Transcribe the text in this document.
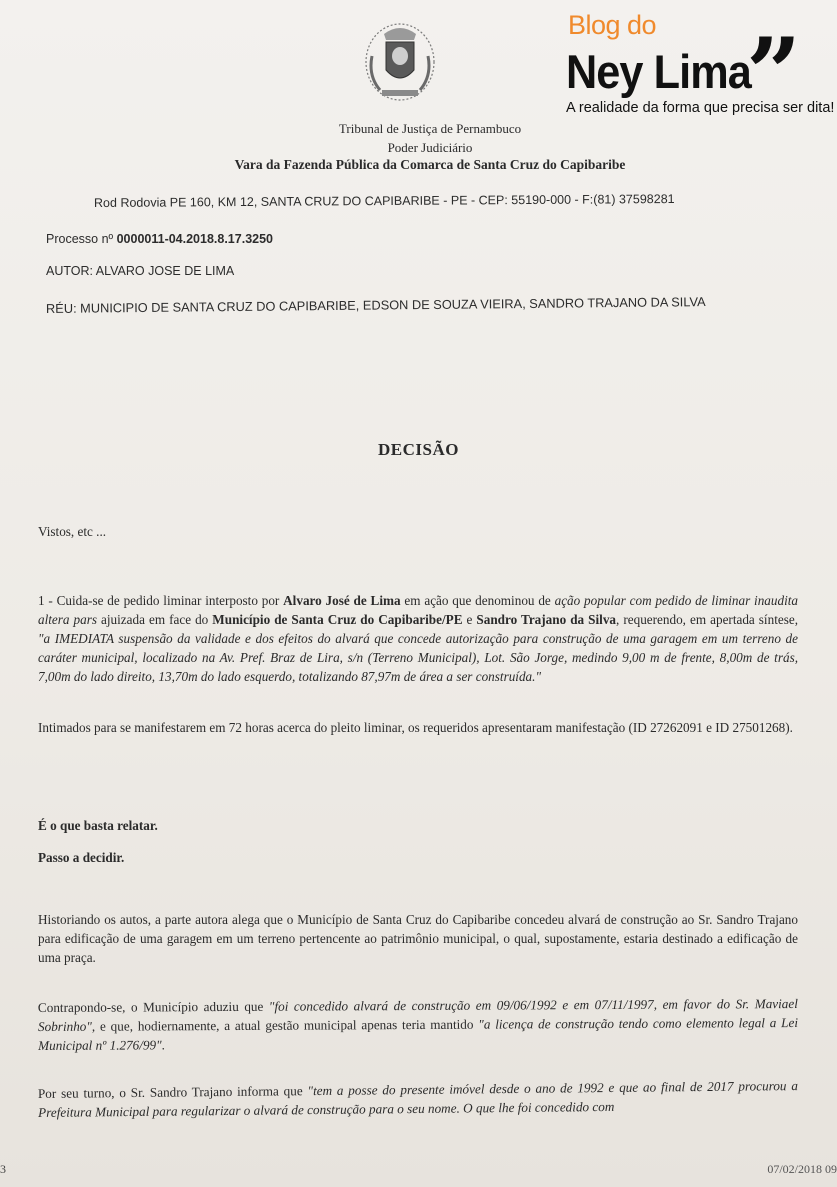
Blog do
Ney Lima
”
A realidade da forma que precisa ser dita!
Tribunal de Justiça de Pernambuco
Poder Judiciário
Vara da Fazenda Pública da Comarca de Santa Cruz do Capibaribe
Rod Rodovia PE 160, KM 12, SANTA CRUZ DO CAPIBARIBE - PE - CEP: 55190-000 - F:(81) 37598281
Processo nº 0000011-04.2018.8.17.3250
AUTOR: ALVARO JOSE DE LIMA
RÉU: MUNICIPIO DE SANTA CRUZ DO CAPIBARIBE, EDSON DE SOUZA VIEIRA, SANDRO TRAJANO DA SILVA
DECISÃO
Vistos, etc ...
1 - Cuida-se de pedido liminar interposto por Alvaro José de Lima em ação que denominou de ação popular com pedido de liminar inaudita altera pars ajuizada em face do Município de Santa Cruz do Capibaribe/PE e Sandro Trajano da Silva, requerendo, em apertada síntese, "a IMEDIATA suspensão da validade e dos efeitos do alvará que concede autorização para construção de uma garagem em um terreno de caráter municipal, localizado na Av. Pref. Braz de Lira, s/n (Terreno Municipal), Lot. São Jorge, medindo 9,00 m de frente, 8,00m de trás, 7,00m do lado direito, 13,70m do lado esquerdo, totalizando 87,97m de área a ser construída."
Intimados para se manifestarem em 72 horas acerca do pleito liminar, os requeridos apresentaram manifestação (ID 27262091 e ID 27501268).
É o que basta relatar.
Passo a decidir.
Historiando os autos, a parte autora alega que o Município de Santa Cruz do Capibaribe concedeu alvará de construção ao Sr. Sandro Trajano para edificação de uma garagem em um terreno pertencente ao patrimônio municipal, o qual, supostamente, estaria destinado a edificação de uma praça.
Contrapondo-se, o Município aduziu que "foi concedido alvará de construção em 09/06/1992 e em 07/11/1997, em favor do Sr. Maviael Sobrinho", e que, hodiernamente, a atual gestão municipal apenas teria mantido "a licença de construção tendo como elemento legal a Lei Municipal nº 1.276/99".
Por seu turno, o Sr. Sandro Trajano informa que "tem a posse do presente imóvel desde o ano de 1992 e que ao final de 2017 procurou a Prefeitura Municipal para regularizar o alvará de construção para o seu nome. O que lhe foi concedido com
3	07/02/2018 09
